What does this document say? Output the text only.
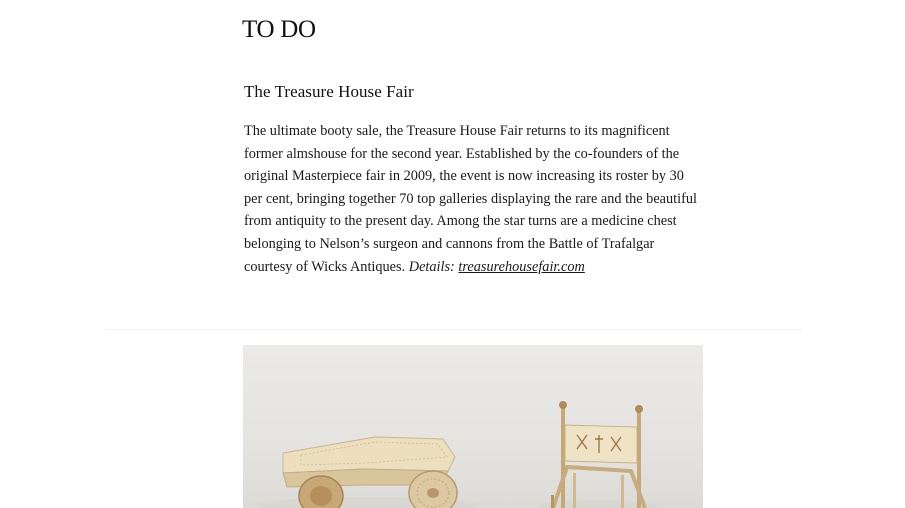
TO DO
The Treasure House Fair

The ultimate booty sale, the Treasure House Fair returns to its magnificent former almshouse for the second year. Established by the co-founders of the original Masterpiece fair in 2009, the event is now increasing its roster by 30 per cent, bringing together 70 top galleries displaying the rare and the beautiful from antiquity to the present day. Among the star turns are a medicine chest belonging to Nelson’s surgeon and cannons from the Battle of Trafalgar courtesy of Wicks Antiques. Details: treasurehousefair.com
